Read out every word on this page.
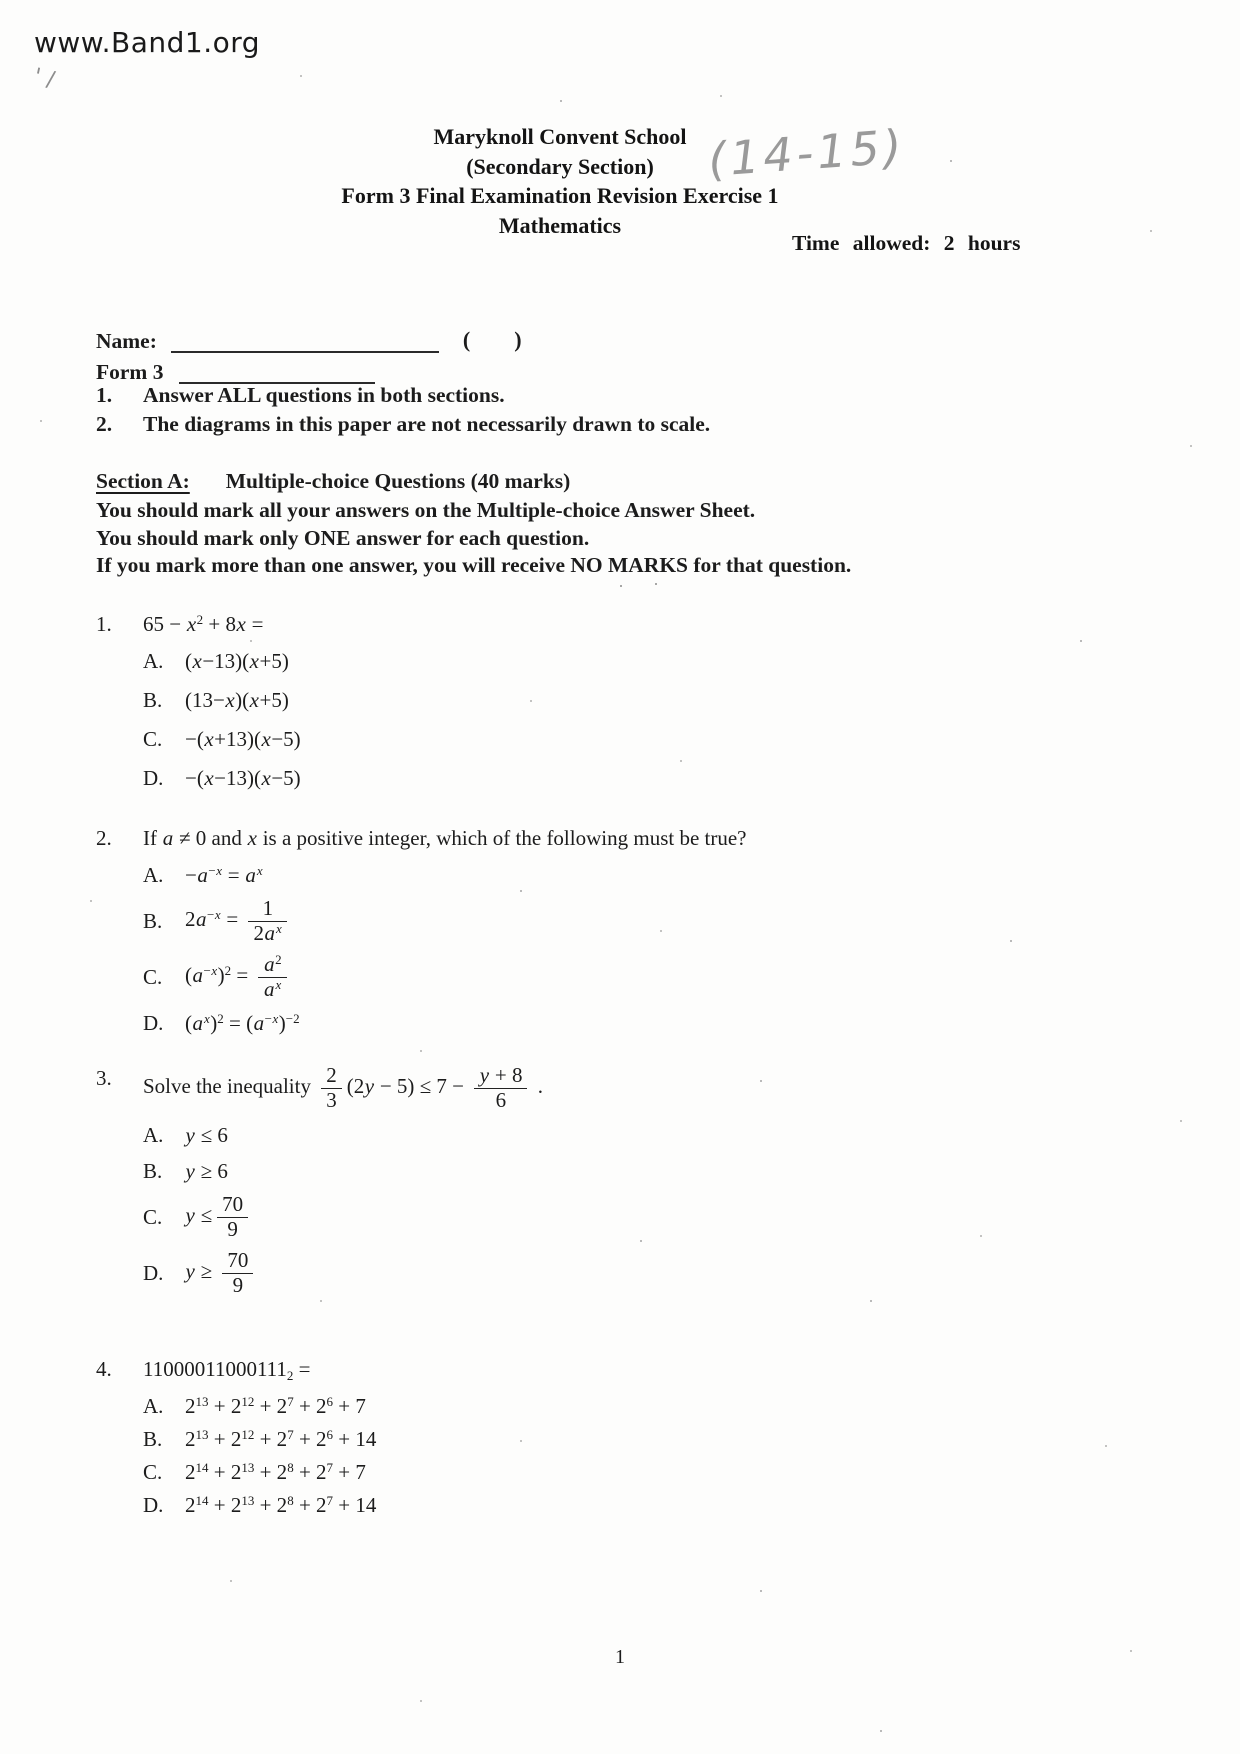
www.Band1.org
' /
Maryknoll Convent School
(Secondary Section)
Form 3 Final Examination Revision Exercise 1
Mathematics
(14-15)
Time allowed: 2 hours
Name:	(        )
Form 3
1.	Answer ALL questions in both sections.
2.	The diagrams in this paper are not necessarily drawn to scale.
Section A: Multiple-choice Questions (40 marks)
You should mark all your answers on the Multiple-choice Answer Sheet.
You should mark only ONE answer for each question.
If you mark more than one answer, you will receive NO MARKS for that question.
1.	$65 - x^2 + 8x$ =
A.	(x−13)(x+5)
B.	(13−x)(x+5)
C.	−(x+13)(x−5)
D.	−(x−13)(x−5)
2.	If a ≠ 0 and x is a positive integer, which of the following must be true?
A.	$-a^{-x} = a^x$
B.	$2a^{-x} = \frac{1}{2a^x}$
C.	$(a^{-x})^2 = \frac{a^2}{a^x}$
D.	$(a^x)^2 = (a^{-x})^{-2}$
3.	Solve the inequality $\frac{2}{3} (2y - 5) \le 7 - \frac{y + 8}{6}$ .
A.	y ≤ 6
B.	y ≥ 6
C.	$y \le \frac{70}{9}$
D.	$y \ge \frac{70}{9}$
4.	$11000011000111_2$ =
A.	$2^{13} + 2^{12} + 2^7 + 2^6 + 7$
B.	$2^{13} + 2^{12} + 2^7 + 2^6 + 14$
C.	$2^{14} + 2^{13} + 2^8 + 2^7 + 7$
D.	$2^{14} + 2^{13} + 2^8 + 2^7 + 14$
1
